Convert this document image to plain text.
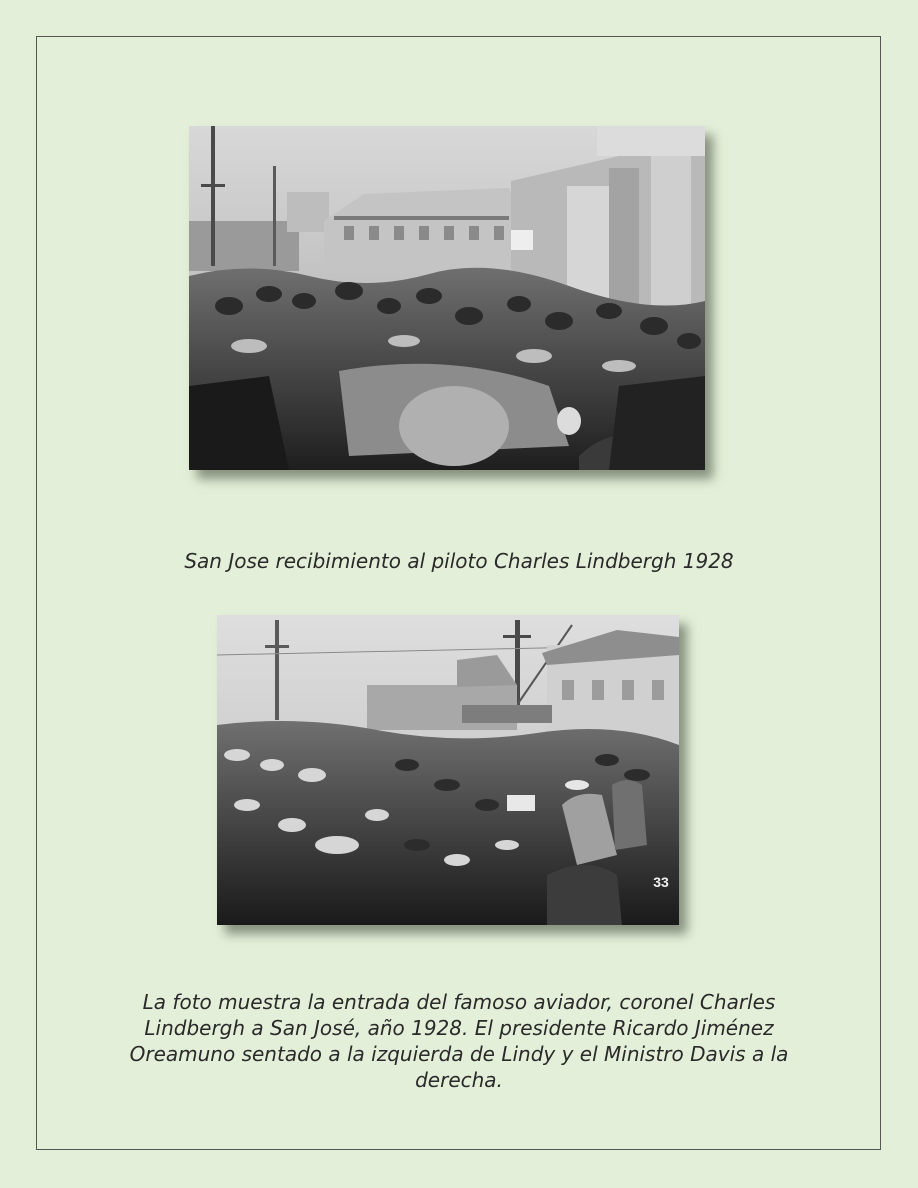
San Jose recibimiento al piloto Charles Lindbergh 1928

33

La foto muestra la entrada del famoso aviador, coronel Charles Lindbergh a San José, año 1928. El presidente Ricardo Jiménez Oreamuno sentado a la izquierda de Lindy y el Ministro Davis a la derecha.
